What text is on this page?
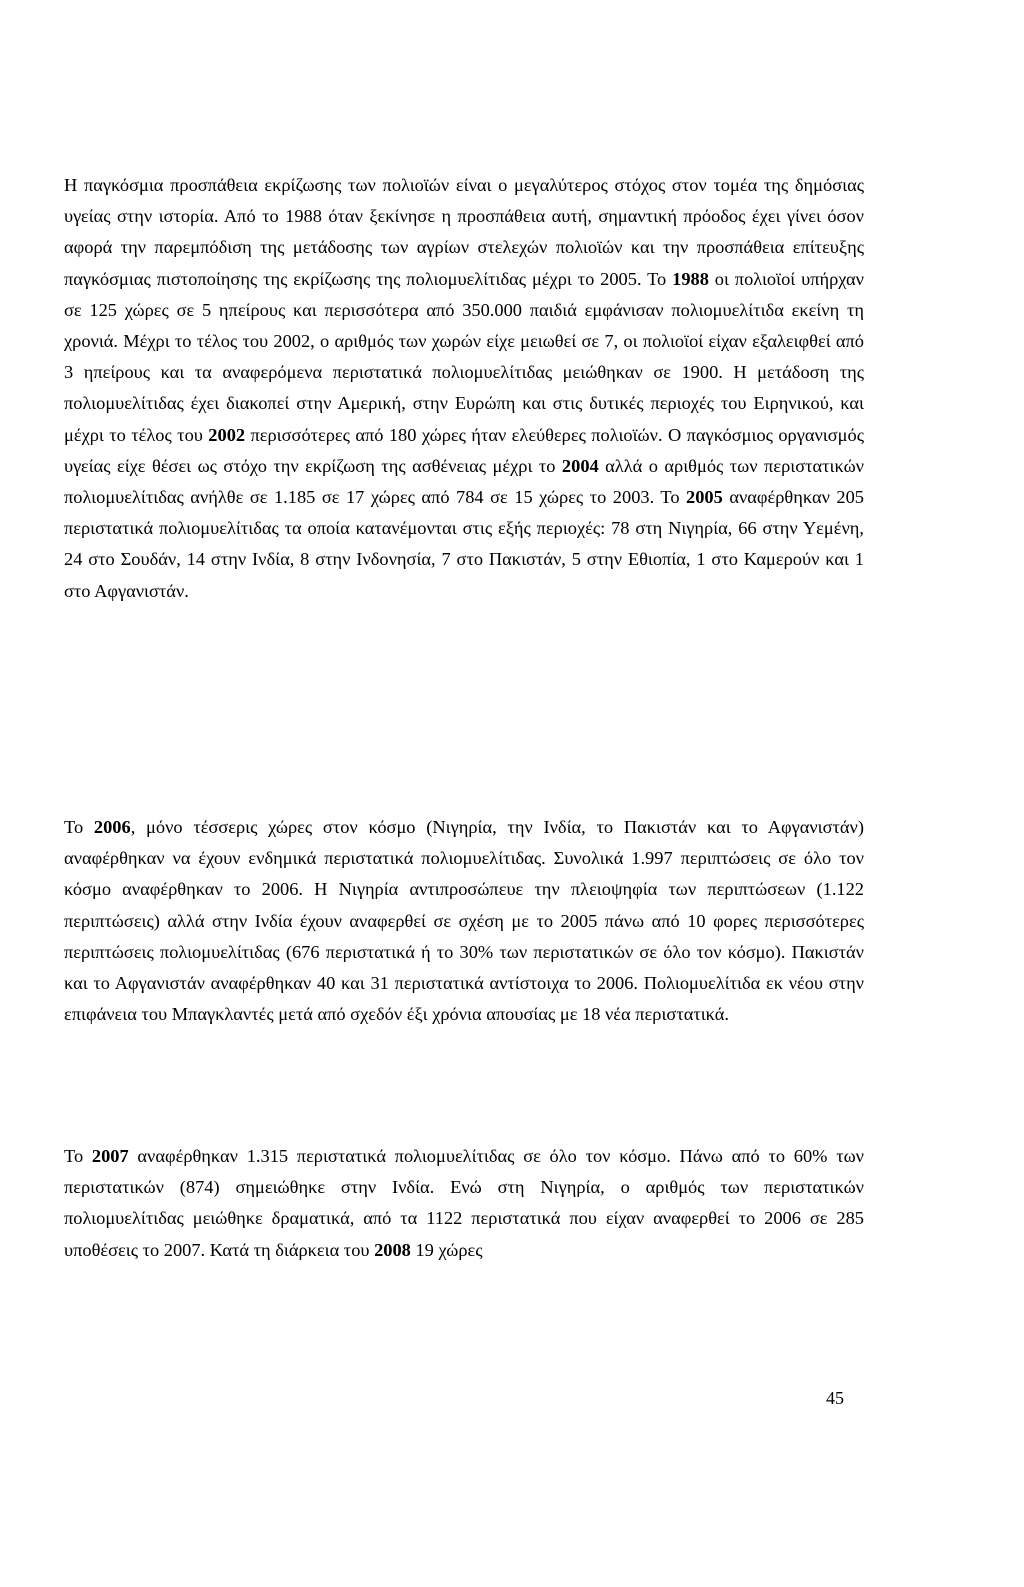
Η παγκόσμια προσπάθεια εκρίζωσης των πολιοϊών είναι ο μεγαλύτερος στόχος στον τομέα της δημόσιας υγείας στην ιστορία. Από το 1988 όταν ξεκίνησε η προσπάθεια αυτή, σημαντική πρόοδος έχει γίνει όσον αφορά την παρεμπόδιση της μετάδοσης των αγρίων στελεχών πολιοϊών και την προσπάθεια επίτευξης παγκόσμιας πιστοποίησης της εκρίζωσης της πολιομυελίτιδας μέχρι το 2005. Το 1988 οι πολιοϊοί υπήρχαν σε 125 χώρες σε 5 ηπείρους και περισσότερα από 350.000 παιδιά εμφάνισαν πολιομυελίτιδα εκείνη τη χρονιά. Μέχρι το τέλος του 2002, ο αριθμός των χωρών είχε μειωθεί σε 7, οι πολιοϊοί είχαν εξαλειφθεί από 3 ηπείρους και τα αναφερόμενα περιστατικά πολιομυελίτιδας μειώθηκαν σε 1900. Η μετάδοση της πολιομυελίτιδας έχει διακοπεί στην Αμερική, στην Ευρώπη και στις δυτικές περιοχές του Ειρηνικού, και μέχρι το τέλος του 2002 περισσότερες από 180 χώρες ήταν ελεύθερες πολιοϊών. Ο παγκόσμιος οργανισμός υγείας είχε θέσει ως στόχο την εκρίζωση της ασθένειας μέχρι το 2004 αλλά ο αριθμός των περιστατικών πολιομυελίτιδας ανήλθε σε 1.185 σε 17 χώρες από 784 σε 15 χώρες το 2003. Το 2005 αναφέρθηκαν 205 περιστατικά πολιομυελίτιδας τα οποία κατανέμονται στις εξής περιοχές: 78 στη Νιγηρία, 66 στην Υεμένη, 24 στο Σουδάν, 14 στην Ινδία, 8 στην Ινδονησία, 7 στο Πακιστάν, 5 στην Εθιοπία, 1 στο Καμερούν και 1 στο Αφγανιστάν.

Το 2006, μόνο τέσσερις χώρες στον κόσμο (Νιγηρία, την Ινδία, το Πακιστάν και το Αφγανιστάν) αναφέρθηκαν να έχουν ενδημικά περιστατικά πολιομυελίτιδας. Συνολικά 1.997 περιπτώσεις σε όλο τον κόσμο αναφέρθηκαν το 2006. Η Νιγηρία αντιπροσώπευε την πλειοψηφία των περιπτώσεων (1.122 περιπτώσεις) αλλά στην Ινδία έχουν αναφερθεί σε σχέση με το 2005 πάνω από 10 φορες περισσότερες περιπτώσεις πολιομυελίτιδας (676 περιστατικά ή το 30% των περιστατικών σε όλο τον κόσμο). Πακιστάν και το Αφγανιστάν αναφέρθηκαν 40 και 31 περιστατικά αντίστοιχα το 2006. Πολιομυελίτιδα εκ νέου στην επιφάνεια του Μπαγκλαντές μετά από σχεδόν έξι χρόνια απουσίας με 18 νέα περιστατικά.

Το 2007 αναφέρθηκαν 1.315 περιστατικά πολιομυελίτιδας σε όλο τον κόσμο. Πάνω από το 60% των περιστατικών (874) σημειώθηκε στην Ινδία. Ενώ στη Νιγηρία, ο αριθμός των περιστατικών πολιομυελίτιδας μειώθηκε δραματικά, από τα 1122 περιστατικά που είχαν αναφερθεί το 2006 σε 285 υποθέσεις το 2007. Κατά τη διάρκεια του 2008 19 χώρες

45
